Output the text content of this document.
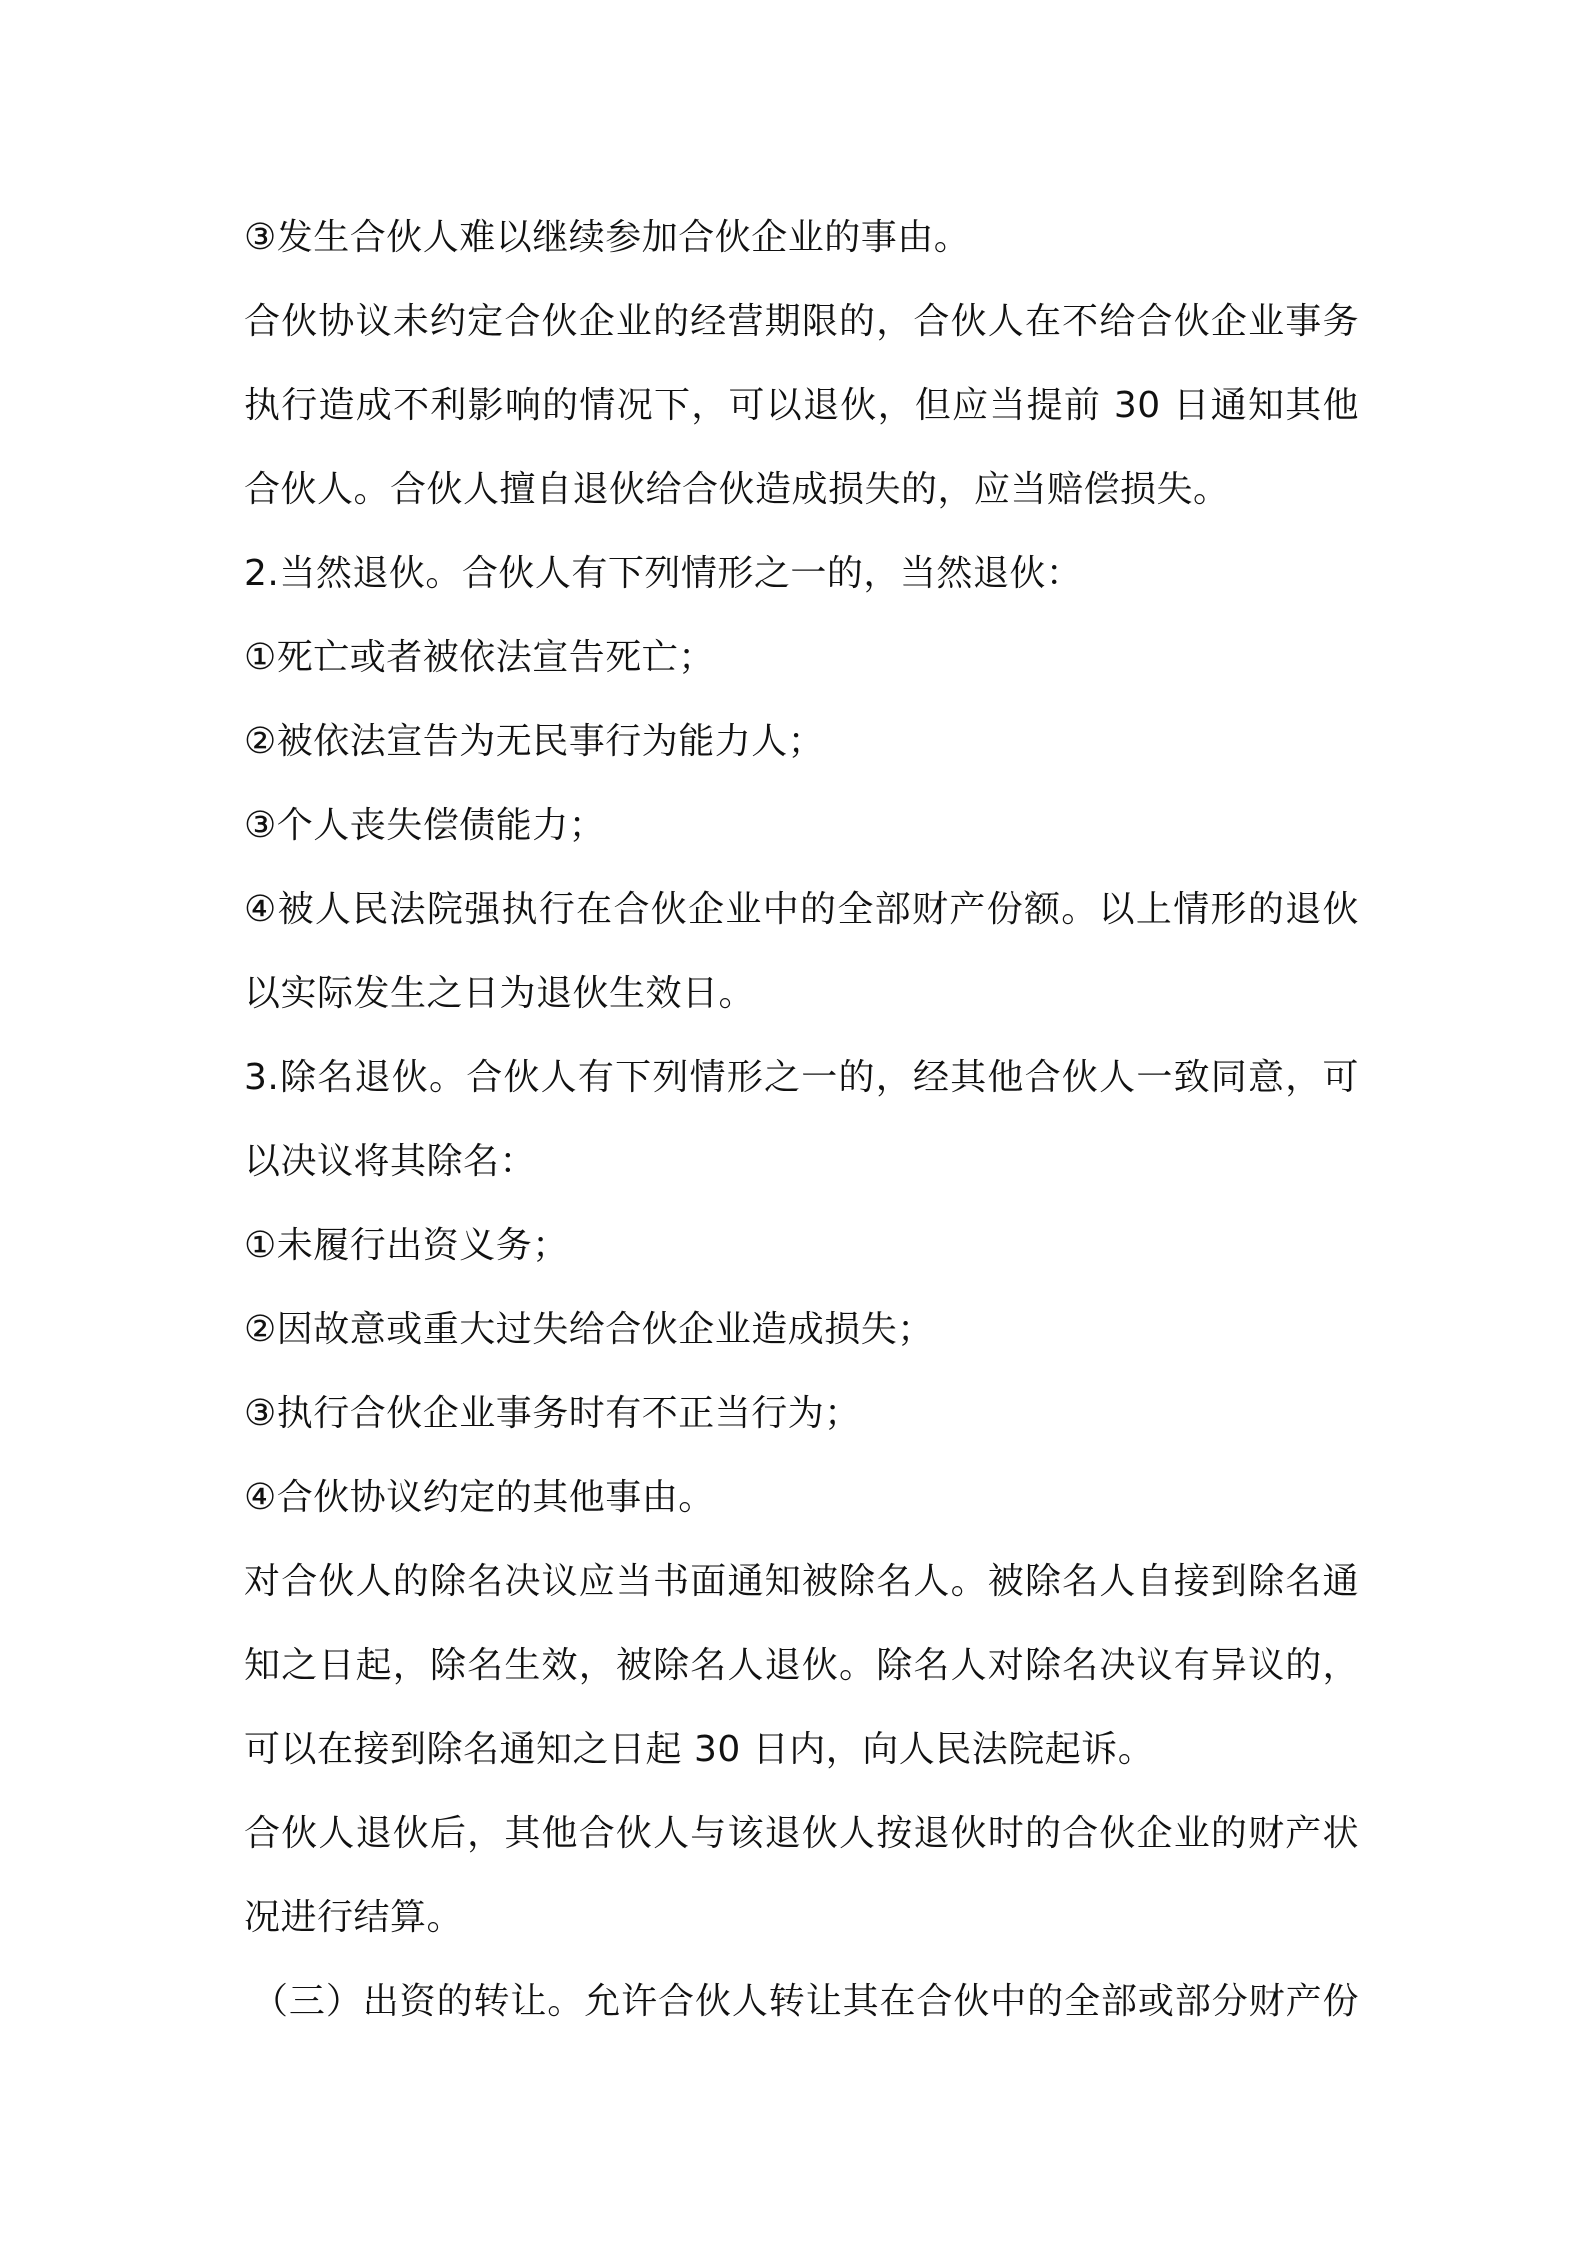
③发生合伙人难以继续参加合伙企业的事由。
合伙协议未约定合伙企业的经营期限的，合伙人在不给合伙企业事务
执行造成不利影响的情况下，可以退伙，但应当提前 30 日通知其他
合伙人。合伙人擅自退伙给合伙造成损失的，应当赔偿损失。
2.当然退伙。合伙人有下列情形之一的，当然退伙：
①死亡或者被依法宣告死亡；
②被依法宣告为无民事行为能力人；
③个人丧失偿债能力；
④被人民法院强执行在合伙企业中的全部财产份额。以上情形的退伙
以实际发生之日为退伙生效日。
3.除名退伙。合伙人有下列情形之一的，经其他合伙人一致同意，可
以决议将其除名：
①未履行出资义务；
②因故意或重大过失给合伙企业造成损失；
③执行合伙企业事务时有不正当行为；
④合伙协议约定的其他事由。
对合伙人的除名决议应当书面通知被除名人。被除名人自接到除名通
知之日起，除名生效，被除名人退伙。除名人对除名决议有异议的，
可以在接到除名通知之日起 30 日内，向人民法院起诉。
合伙人退伙后，其他合伙人与该退伙人按退伙时的合伙企业的财产状
况进行结算。
（三）出资的转让。允许合伙人转让其在合伙中的全部或部分财产份
